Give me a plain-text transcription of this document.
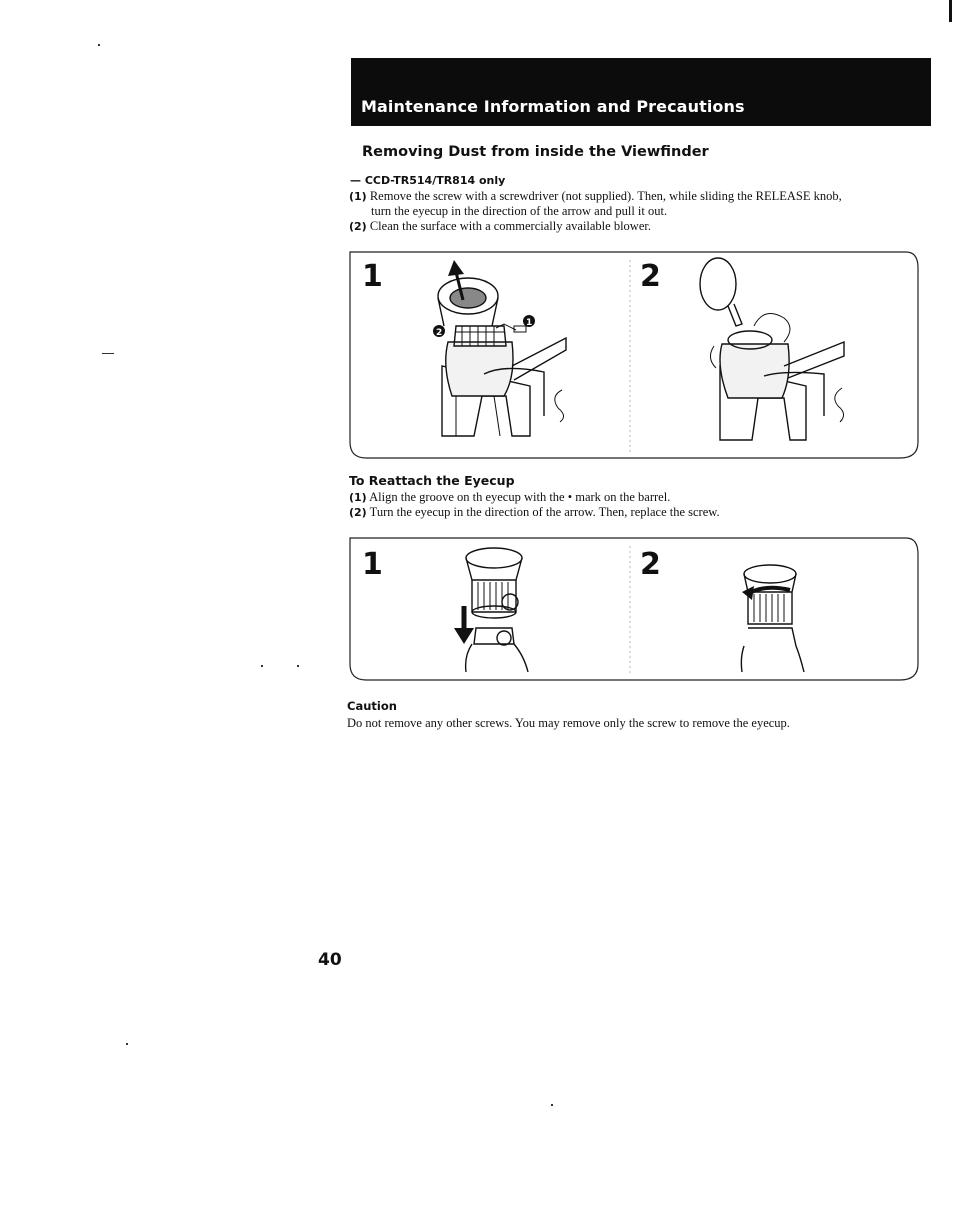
Maintenance Information and Precautions
Removing Dust from inside the Viewfinder
— CCD-TR514/TR814 only
(1) Remove the screw with a screwdriver (not supplied). Then, while sliding the RELEASE knob,
turn the eyecup in the direction of the arrow and pull it out.
(2) Clean the surface with a commercially available blower.
1	2
1
2
To Reattach the Eyecup
(1) Align the groove on th eyecup with the • mark on the barrel.
(2) Turn the eyecup in the direction of the arrow. Then, replace the screw.
1	2
Caution
Do not remove any other screws. You may remove only the screw to remove the eyecup.
40
